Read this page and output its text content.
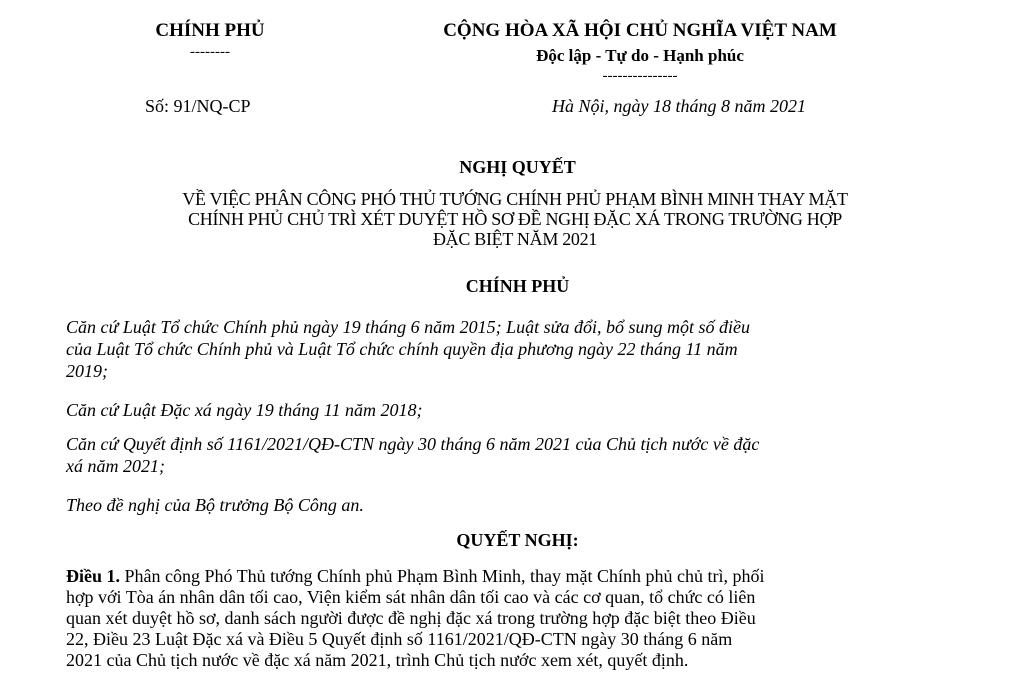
CHÍNH PHỦ
--------
Số: 91/NQ-CP
CỘNG HÒA XÃ HỘI CHỦ NGHĨA VIỆT NAM
Độc lập - Tự do - Hạnh phúc
---------------
Hà Nội, ngày 18 tháng 8 năm 2021
NGHỊ QUYẾT
VỀ VIỆC PHÂN CÔNG PHÓ THỦ TƯỚNG CHÍNH PHỦ PHẠM BÌNH MINH THAY MẶT
CHÍNH PHỦ CHỦ TRÌ XÉT DUYỆT HỒ SƠ ĐỀ NGHỊ ĐẶC XÁ TRONG TRƯỜNG HỢP
ĐẶC BIỆT NĂM 2021
CHÍNH PHỦ
Căn cứ Luật Tổ chức Chính phủ ngày 19 tháng 6 năm 2015; Luật sửa đổi, bổ sung một số điều
của Luật Tổ chức Chính phủ và Luật Tổ chức chính quyền địa phương ngày 22 tháng 11 năm
2019;
Căn cứ Luật Đặc xá ngày 19 tháng 11 năm 2018;
Căn cứ Quyết định số 1161/2021/QĐ-CTN ngày 30 tháng 6 năm 2021 của Chủ tịch nước về đặc
xá năm 2021;
Theo đề nghị của Bộ trưởng Bộ Công an.
QUYẾT NGHỊ:
Điều 1. Phân công Phó Thủ tướng Chính phủ Phạm Bình Minh, thay mặt Chính phủ chủ trì, phối
hợp với Tòa án nhân dân tối cao, Viện kiểm sát nhân dân tối cao và các cơ quan, tổ chức có liên
quan xét duyệt hồ sơ, danh sách người được đề nghị đặc xá trong trường hợp đặc biệt theo Điều
22, Điều 23 Luật Đặc xá và Điều 5 Quyết định số 1161/2021/QĐ-CTN ngày 30 tháng 6 năm
2021 của Chủ tịch nước về đặc xá năm 2021, trình Chủ tịch nước xem xét, quyết định.
